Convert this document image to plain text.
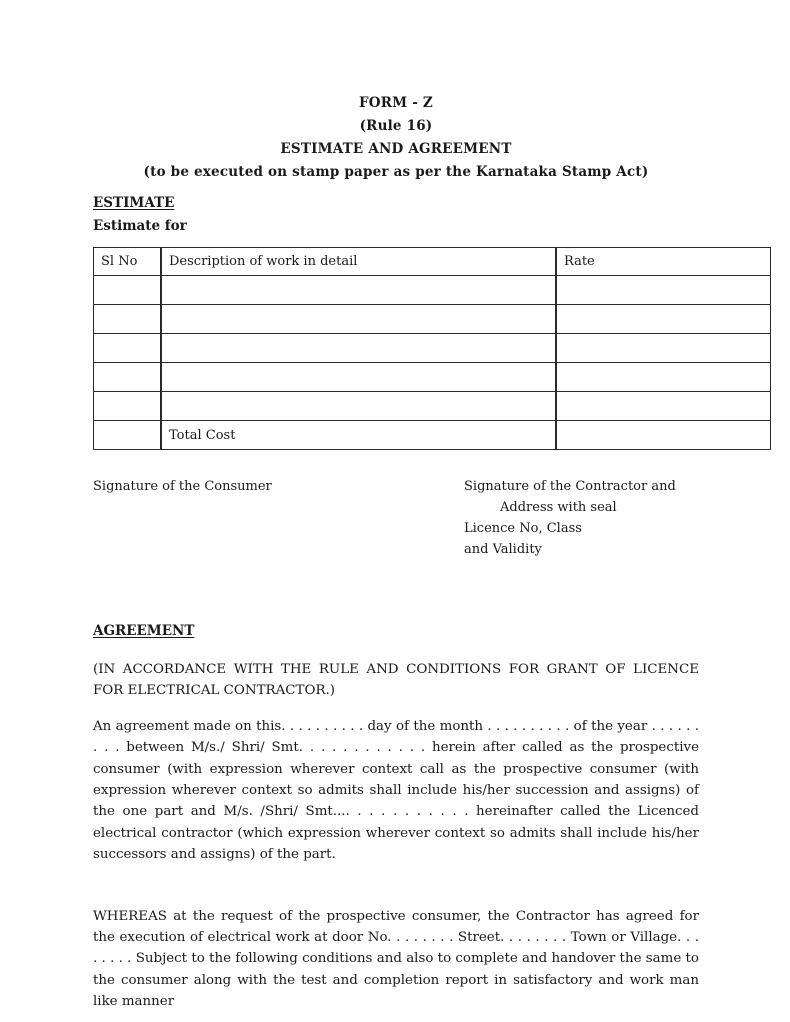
FORM - Z
(Rule 16)
ESTIMATE AND AGREEMENT
(to be executed on stamp paper as per the Karnataka Stamp Act)
ESTIMATE
Estimate for
Sl No	Description of work in detail	Rate

	Total Cost	
Signature of the Consumer	Signature of the Contractor and
Address with seal
Licence No, Class
and Validity
AGREEMENT

(IN ACCORDANCE WITH THE RULE AND CONDITIONS FOR GRANT OF LICENCE FOR ELECTRICAL CONTRACTOR.)

An agreement made on this. . . . . . . . . . day of the month . . . . . . . . . . of the year . . . . . . . . . between M/s./ Shri/ Smt. . . . . . . . . . . . herein after called as the prospective consumer (with expression wherever context call as the prospective consumer (with expression wherever context so admits shall include his/her succession and assigns) of the one part and M/s. /Shri/ Smt.... . . . . . . . . . . hereinafter called the Licenced electrical contractor (which expression wherever context so admits shall include his/her successors and assigns) of the part.

WHEREAS at the request of the prospective consumer, the Contractor has agreed for the execution of electrical work at door No. . . . . . . . Street. . . . . . . . Town or Village. . . . . . . . Subject to the following conditions and also to complete and handover the same to the consumer along with the test and completion report in satisfactory and work man like manner
